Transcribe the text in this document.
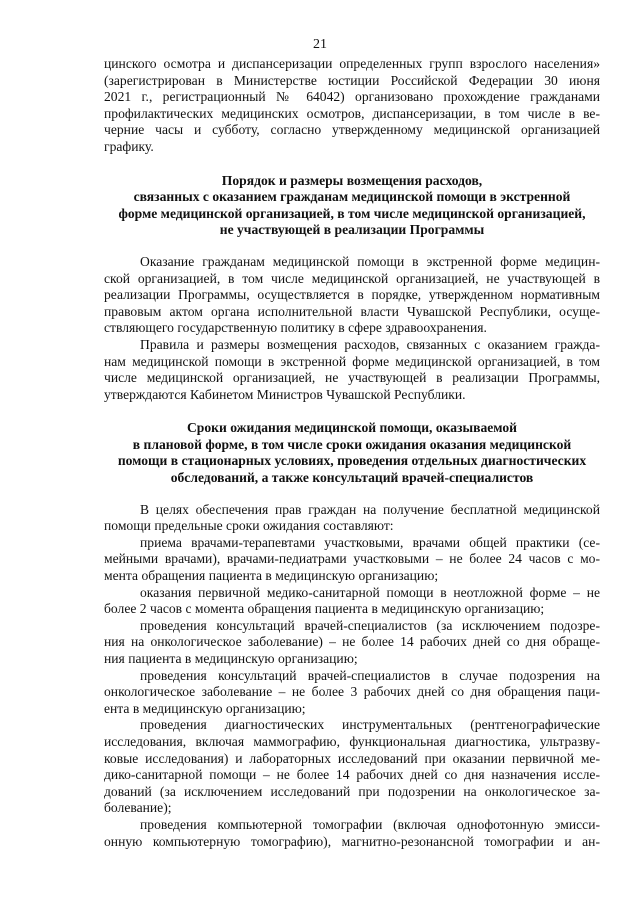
21
цинского осмотра и диспансеризации определенных групп взрослого населения»
(зарегистрирован в Министерстве юстиции Российской Федерации 30 июня
2021 г., регистрационный № 64042) организовано прохождение гражданами
профилактических медицинских осмотров, диспансеризации, в том числе в ве-
черние часы и субботу, согласно утвержденному медицинской организацией
графику.
Порядок и размеры возмещения расходов,
связанных с оказанием гражданам медицинской помощи в экстренной
форме медицинской организацией, в том числе медицинской организацией,
не участвующей в реализации Программы
Оказание гражданам медицинской помощи в экстренной форме медицин-
ской организацией, в том числе медицинской организацией, не участвующей в
реализации Программы, осуществляется в порядке, утвержденном нормативным
правовым актом органа исполнительной власти Чувашской Республики, осуще-
ствляющего государственную политику в сфере здравоохранения.
Правила и размеры возмещения расходов, связанных с оказанием гражда-
нам медицинской помощи в экстренной форме медицинской организацией, в том
числе медицинской организацией, не участвующей в реализации Программы,
утверждаются Кабинетом Министров Чувашской Республики.
Сроки ожидания медицинской помощи, оказываемой
в плановой форме, в том числе сроки ожидания оказания медицинской
помощи в стационарных условиях, проведения отдельных диагностических
обследований, а также консультаций врачей-специалистов
В целях обеспечения прав граждан на получение бесплатной медицинской
помощи предельные сроки ожидания составляют:
приема врачами-терапевтами участковыми, врачами общей практики (се-
мейными врачами), врачами-педиатрами участковыми – не более 24 часов с мо-
мента обращения пациента в медицинскую организацию;
оказания первичной медико-санитарной помощи в неотложной форме – не
более 2 часов с момента обращения пациента в медицинскую организацию;
проведения консультаций врачей-специалистов (за исключением подозре-
ния на онкологическое заболевание) – не более 14 рабочих дней со дня обраще-
ния пациента в медицинскую организацию;
проведения консультаций врачей-специалистов в случае подозрения на
онкологическое заболевание – не более 3 рабочих дней со дня обращения паци-
ента в медицинскую организацию;
проведения диагностических инструментальных (рентгенографические
исследования, включая маммографию, функциональная диагностика, ультразву-
ковые исследования) и лабораторных исследований при оказании первичной ме-
дико-санитарной помощи – не более 14 рабочих дней со дня назначения иссле-
дований (за исключением исследований при подозрении на онкологическое за-
болевание);
проведения компьютерной томографии (включая однофотонную эмисси-
онную компьютерную томографию), магнитно-резонансной томографии и ан-
